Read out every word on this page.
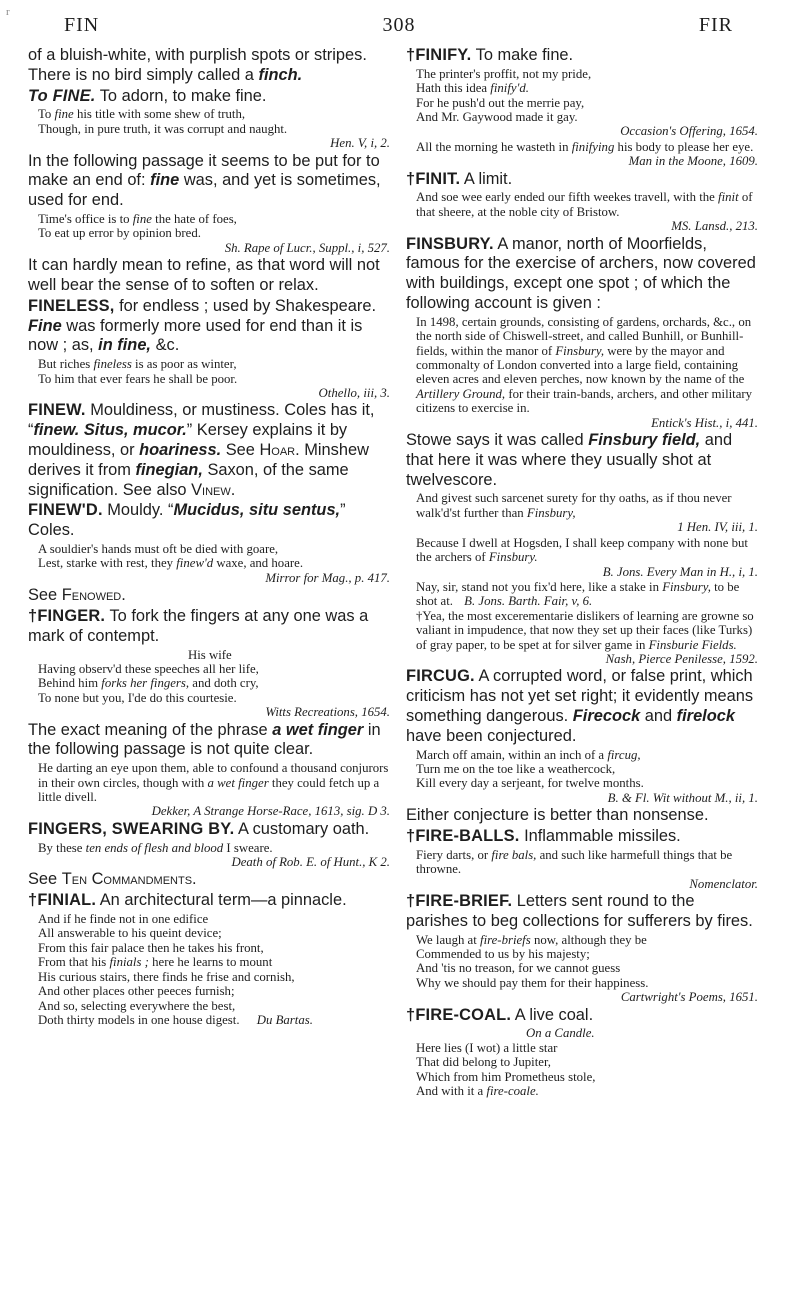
r
FIN	308	FIR

of a bluish-white, with purplish spots or stripes. There is no bird simply called a finch.

To FINE. To adorn, to make fine.

To fine his title with some shew of truth,
Though, in pure truth, it was corrupt and naught.

Hen. V, i, 2.

In the following passage it seems to be put for to make an end of: fine was, and yet is sometimes, used for end.

Time's office is to fine the hate of foes,
To eat up error by opinion bred.

Sh. Rape of Lucr., Suppl., i, 527.

It can hardly mean to refine, as that word will not well bear the sense of to soften or relax.

FINELESS, for endless ; used by Shakespeare. Fine was formerly more used for end than it is now ; as, in fine, &c.

But riches fineless is as poor as winter,
To him that ever fears he shall be poor.

Othello, iii, 3.

FINEW. Mouldiness, or mustiness. Coles has it, “finew. Situs, mucor.” Kersey explains it by mouldiness, or hoariness. See Hoar. Minshew derives it from finegian, Saxon, of the same signification. See also Vinew.

FINEW'D. Mouldy. “Mucidus, situ sentus,” Coles.

A souldier's hands must oft be died with goare,
Lest, starke with rest, they finew'd waxe, and hoare.

Mirror for Mag., p. 417.

See Fenowed.

†FINGER. To fork the fingers at any one was a mark of contempt.

His wife
Having observ'd these speeches all her life,
Behind him forks her fingers, and doth cry,
To none but you, I'de do this courtesie.

Witts Recreations, 1654.

The exact meaning of the phrase a wet finger in the following passage is not quite clear.

He darting an eye upon them, able to confound a thousand conjurors in their own circles, though with a wet finger they could fetch up a little divell.

Dekker, A Strange Horse-Race, 1613, sig. D 3.

FINGERS, SWEARING BY. A customary oath.

By these ten ends of flesh and blood I sweare.

Death of Rob. E. of Hunt., K 2.

See Ten Commandments.

†FINIAL. An architectural term—a pinnacle.

And if he finde not in one edifice
All answerable to his queint device;
From this fair palace then he takes his front,
From that his finials ; here he learns to mount
His curious stairs, there finds he frise and cornish,
And other places other peeces furnish;
And so, selecting everywhere the best,
Doth thirty models in one house digest. Du Bartas.

†FINIFY. To make fine.

The printer's proffit, not my pride,
Hath this idea finify'd.
For he push'd out the merrie pay,
And Mr. Gaywood made it gay.

Occasion's Offering, 1654.

All the morning he wasteth in finifying his body to please her eye.

Man in the Moone, 1609.

†FINIT. A limit.

And soe wee early ended our fifth weekes travell, with the finit of that sheere, at the noble city of Bristow.

MS. Lansd., 213.

FINSBURY. A manor, north of Moorfields, famous for the exercise of archers, now covered with buildings, except one spot ; of which the following account is given :

In 1498, certain grounds, consisting of gardens, orchards, &c., on the north side of Chiswell-street, and called Bunhill, or Bunhill-fields, within the manor of Finsbury, were by the mayor and commonalty of London converted into a large field, containing eleven acres and eleven perches, now known by the name of the Artillery Ground, for their train-bands, archers, and other military citizens to exercise in.

Entick's Hist., i, 441.

Stowe says it was called Finsbury field, and that here it was where they usually shot at twelvescore.

And givest such sarcenet surety for thy oaths, as if thou never walk'd'st further than Finsbury,

1 Hen. IV, iii, 1.

Because I dwell at Hogsden, I shall keep company with none but the archers of Finsbury.

B. Jons. Every Man in H., i, 1.

Nay, sir, stand not you fix'd here, like a stake in Finsbury, to be shot at. B. Jons. Barth. Fair, v, 6.

†Yea, the most excerementarie dislikers of learning are growne so valiant in impudence, that now they set up their faces (like Turks) of gray paper, to be spet at for silver game in Finsburie Fields.

Nash, Pierce Penilesse, 1592.

FIRCUG. A corrupted word, or false print, which criticism has not yet set right; it evidently means something dangerous. Firecock and firelock have been conjectured.

March off amain, within an inch of a fircug,
Turn me on the toe like a weathercock,
Kill every day a serjeant, for twelve months.

B. & Fl. Wit without M., ii, 1.

Either conjecture is better than nonsense.

†FIRE-BALLS. Inflammable missiles.

Fiery darts, or fire bals, and such like harmefull things that be throwne.

Nomenclator.

†FIRE-BRIEF. Letters sent round to the parishes to beg collections for sufferers by fires.

We laugh at fire-briefs now, although they be
Commended to us by his majesty;
And 'tis no treason, for we cannot guess
Why we should pay them for their happiness.

Cartwright's Poems, 1651.

†FIRE-COAL. A live coal.

On a Candle.
Here lies (I wot) a little star
That did belong to Jupiter,
Which from him Prometheus stole,
And with it a fire-coale.
